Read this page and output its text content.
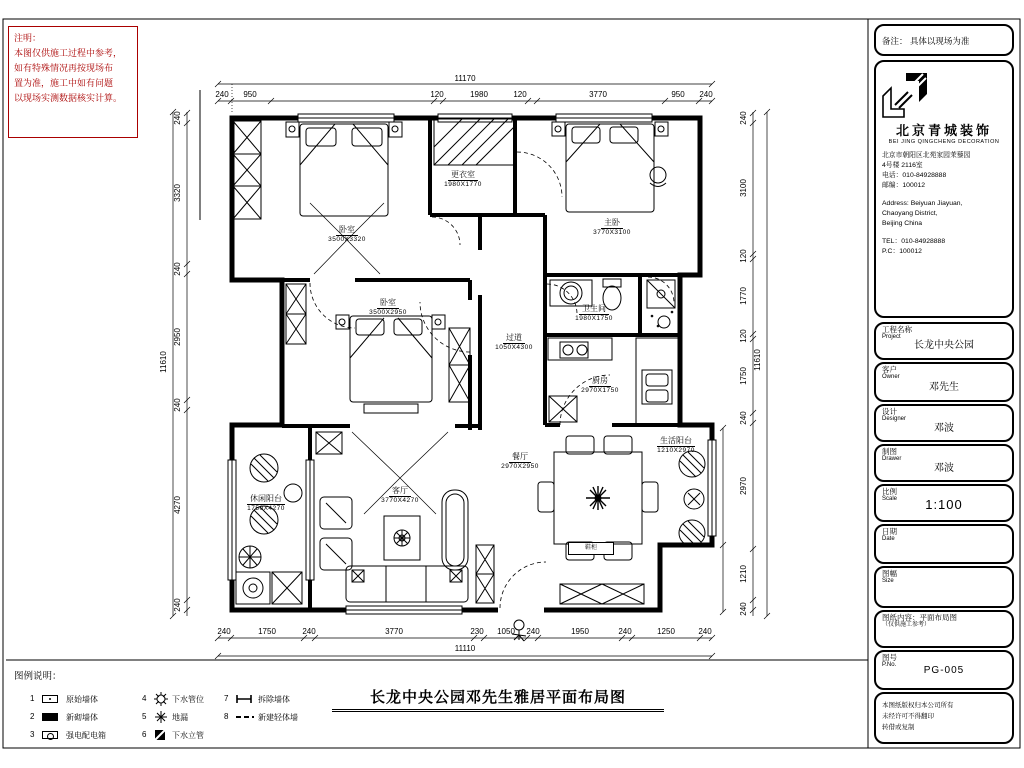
注明：
本图仅供施工过程中参考，
如有特殊情况再按现场布
置为准，施工中如有问题
以现场实测数据核实计算。
11170
240	950	120	1980	120	3770	950	240
11110
240	1750	240	3770	230	1050	240	1950	240	1250	240
11610
240
3320
240
2950
240
4270
240
11610
240
3100
120
1770
120
1750
240
2970
1210
240
卧室
3500X3320
更衣室
1980X1770
主卧
3770X3100
卧室
3500X2950	卫生间
1980X1750
过道
1050X4300
厨房
2970X1750
客厅
3770X4270
餐厅
2970X2950
休闲阳台
1750X4270
生活阳台
1210X2970
鞋柜
图例说明：
1	原始墙体
2	新砌墙体
3	强电配电箱
4	下水管位
5	地漏
6	下水立管
7	拆除墙体
8	新建轻体墙
长龙中央公园邓先生雅居平面布局图
备注： 具体以现场为准
北京青城装饰
BEI JING QINGCHENG DECORATION
北京市朝阳区北苑家园茉藜园
4号楼 2116室
电话：010-84928888
邮编：100012
Address: Beiyuan Jiayuan,
Chaoyang District,
Beijing China
TEL：010-84928888
P.C：100012
工程名称
Project
长龙中央公园
客户
Owner
邓先生
设计
Designer
邓波
制图
Drawer
邓波
比例
Scale	1:100
日期
Date
图幅
Size
图纸内容：平面布局图
（仅供施工参考）
图号
P.No.	PG-005
本图纸版权归本公司所有
未经许可不得翻印
转借或复制
